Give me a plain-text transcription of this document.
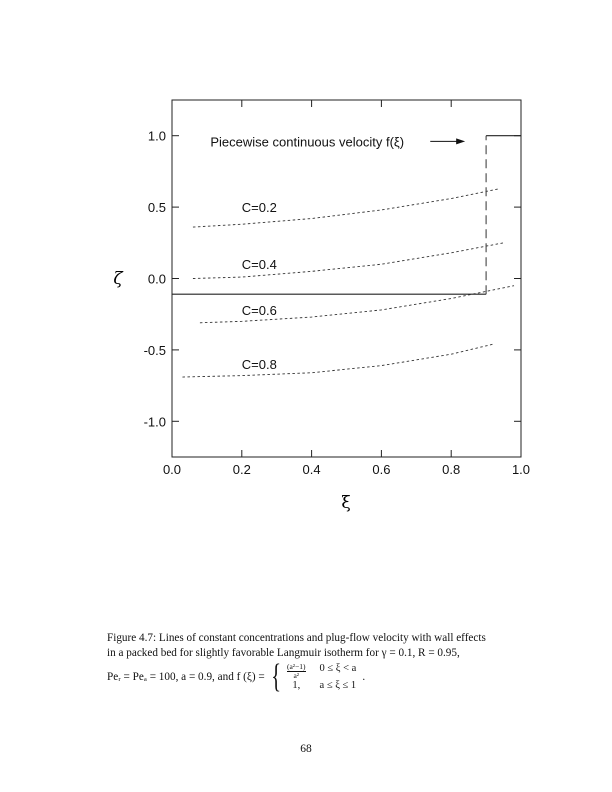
0.0	0.2	0.4	0.6	0.8	1.0
1.0
0.5
0.0
-0.5
-1.0
C=0.2
C=0.4
C=0.6
C=0.8
Piecewise continuous velocity f(ξ)
ξ
ζ
Figure 4.7: Lines of constant concentrations and plug-flow velocity with wall effects
in a packed bed for slightly favorable Langmuir isotherm for γ = 0.1, R = 0.95,
Peᵣ = Peₐ = 100, a = 0.9, and f (ξ) = { $\frac{\text{(a²−1)}}{\text{a²}} 0 \le \xi < a$
1,	a ≤ ξ ≤ 1
.
68
